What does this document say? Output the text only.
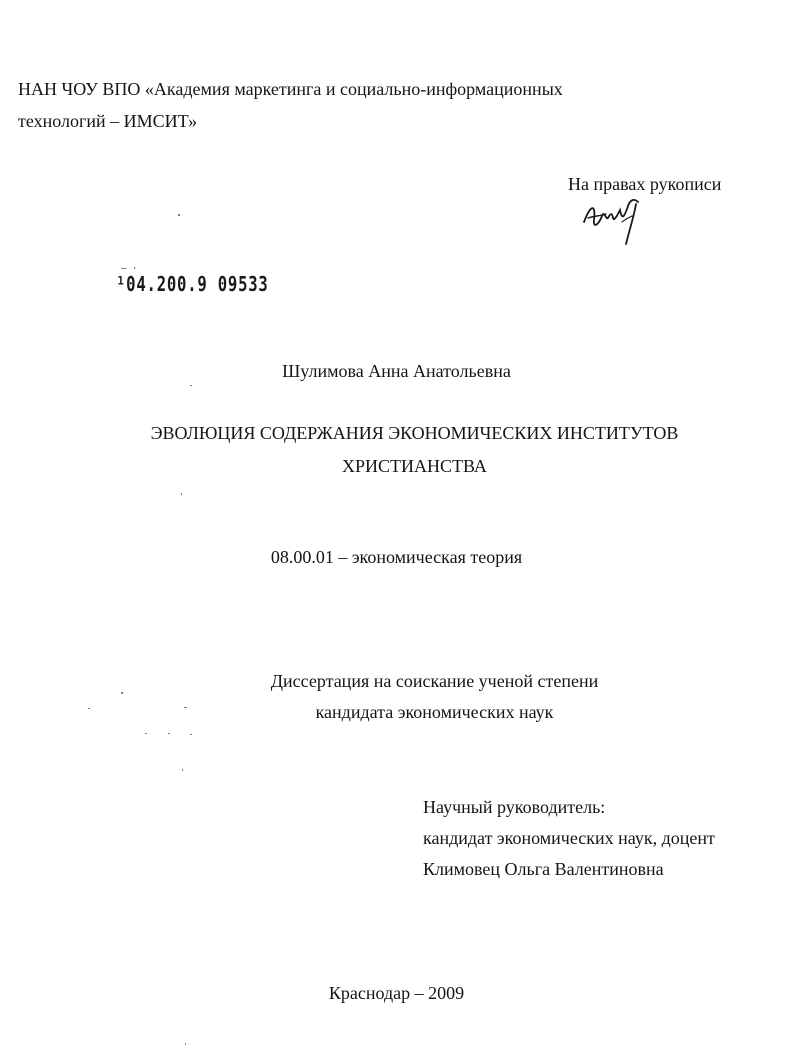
НАН ЧОУ ВПО «Академия маркетинга и социально-информационных
технологий – ИМСИТ»
На правах рукописи
— ·
¹04.200.9 09533
Шулимова Анна Анатольевна
ЭВОЛЮЦИЯ СОДЕРЖАНИЯ ЭКОНОМИЧЕСКИХ ИНСТИТУТОВ
ХРИСТИАНСТВА
08.00.01 – экономическая теория
Диссертация на соискание ученой степени
кандидата экономических наук
Научный руководитель:
кандидат экономических наук, доцент
Климовец Ольга Валентиновна
Краснодар – 2009
